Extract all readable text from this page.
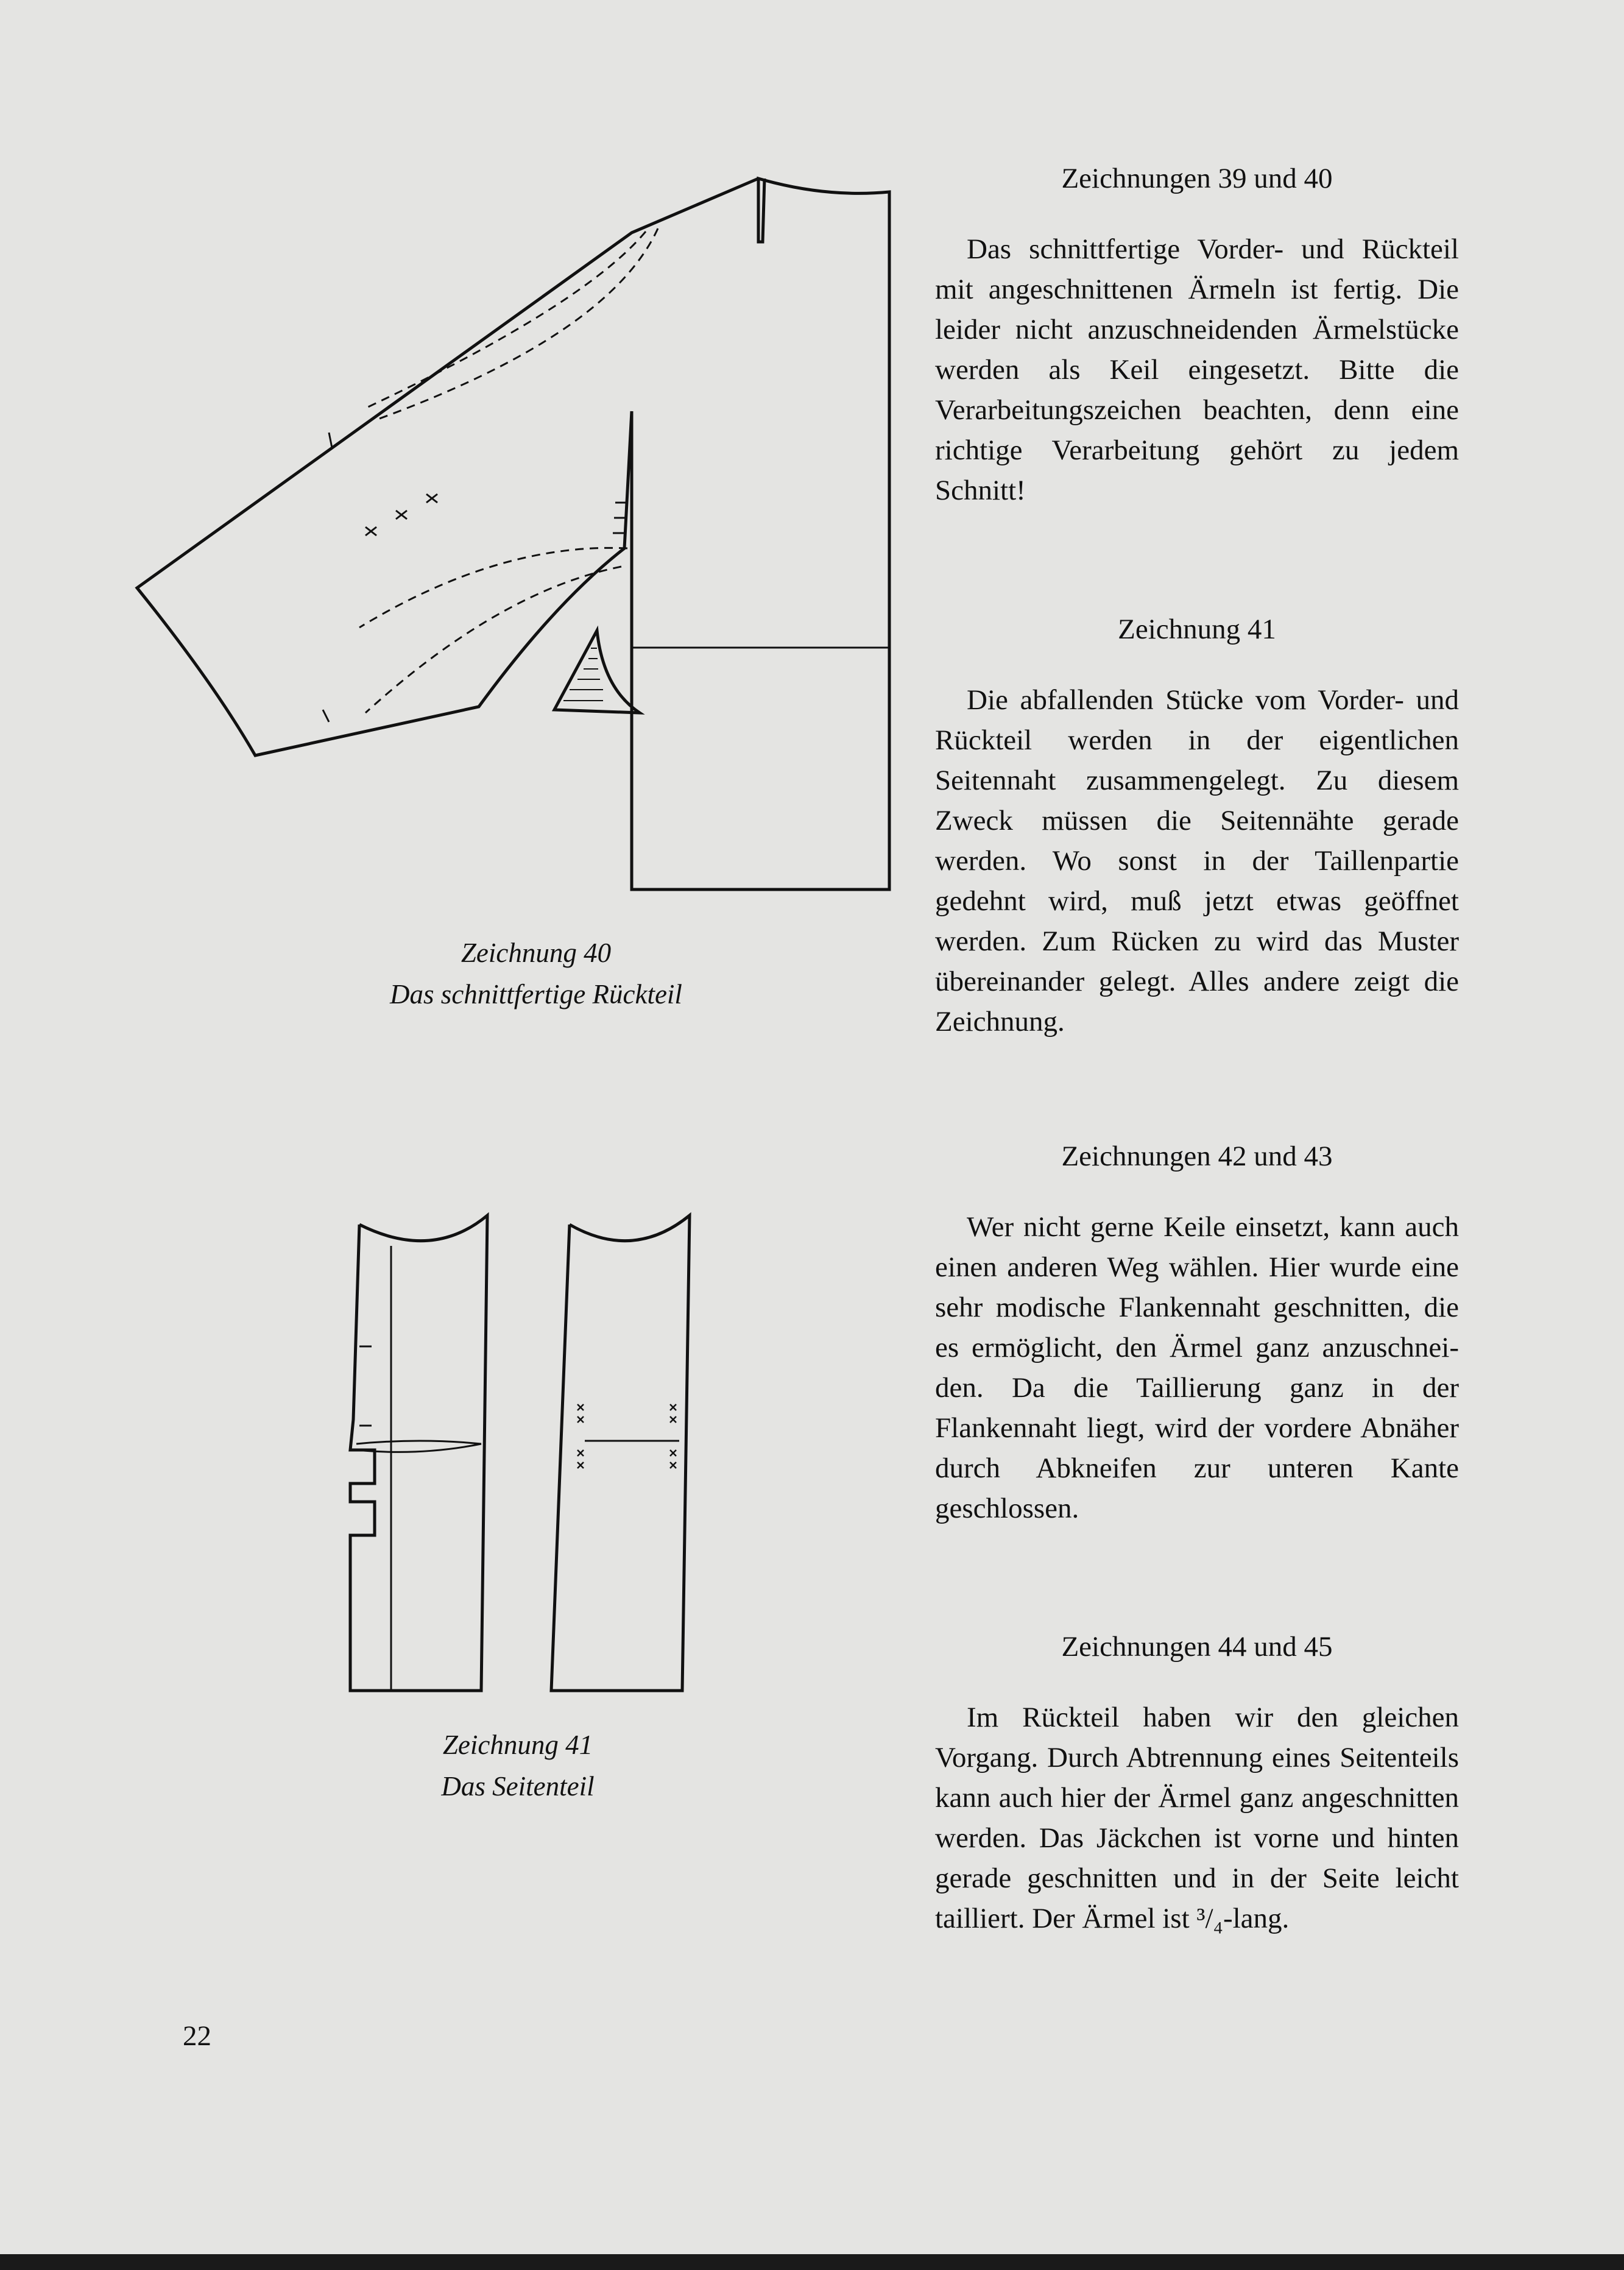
Zeichnung 40
Das schnittfertige Rückteil
Zeichnung 41
Das Seitenteil
Zeichnungen 39 und 40

Das schnittfertige Vorder- und Rückteil mit angeschnittenen Ärmeln ist fertig. Die leider nicht anzuschneidenden Ärmelstücke werden als Keil eingesetzt. Bitte die Verarbeitungszeichen beachten, denn eine richtige Verarbeitung gehört zu jedem Schnitt!

Zeichnung 41

Die abfallenden Stücke vom Vorder- und Rückteil werden in der eigentlichen Seitennaht zusammengelegt. Zu diesem Zweck müssen die Seitennähte gerade werden. Wo sonst in der Taillenpartie gedehnt wird, muß jetzt etwas geöffnet werden. Zum Rücken zu wird das Muster übereinander gelegt. Alles andere zeigt die Zeichnung.

Zeichnungen 42 und 43

Wer nicht gerne Keile einsetzt, kann auch einen anderen Weg wählen. Hier wurde eine sehr modische Flankennaht geschnitten, die es ermöglicht, den Ärmel ganz anzuschneiden. Da die Taillierung ganz in der Flankennaht liegt, wird der vordere Abnäher durch Abkneifen zur unteren Kante geschlossen.

Zeichnungen 44 und 45

Im Rückteil haben wir den gleichen Vorgang. Durch Abtrennung eines Seitenteils kann auch hier der Ärmel ganz angeschnitten werden. Das Jäckchen ist vorne und hinten gerade geschnitten und in der Seite leicht tailliert. Der Ärmel ist ³/₄-lang.

22
